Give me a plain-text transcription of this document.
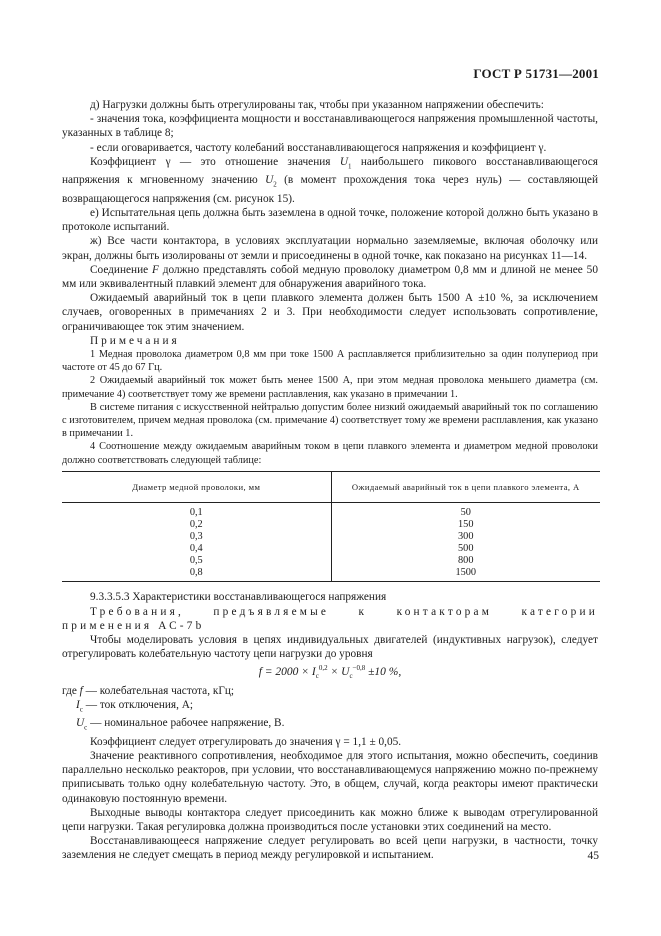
ГОСТ Р 51731—2001

д) Нагрузки должны быть отрегулированы так, чтобы при указанном напряжении обеспечить:

- значения тока, коэффициента мощности и восстанавливающегося напряжения промышленной частоты, указанных в таблице 8;

- если оговаривается, частоту колебаний восстанавливающегося напряжения и коэффициент γ.

Коэффициент γ — это отношение значения $U_1$ наибольшего пикового восстанавливающегося напряжения к мгновенному значению $U_2$ (в момент прохождения тока через нуль) — составляющей возвращающегося напряжения (см. рисунок 15).

е) Испытательная цепь должна быть заземлена в одной точке, положение которой должно быть указано в протоколе испытаний.

ж) Все части контактора, в условиях эксплуатации нормально заземляемые, включая оболочку или экран, должны быть изолированы от земли и присоединены в одной точке, как показано на рисунках 11—14.

Соединение F должно представлять собой медную проволоку диаметром 0,8 мм и длиной не менее 50 мм или эквивалентный плавкий элемент для обнаружения аварийного тока.

Ожидаемый аварийный ток в цепи плавкого элемента должен быть 1500 А ±10 %, за исключением случаев, оговоренных в примечаниях 2 и 3. При необходимости следует использовать сопротивление, ограничивающее ток этим значением.

Примечания

1 Медная проволока диаметром 0,8 мм при токе 1500 А расплавляется приблизительно за один полупериод при частоте от 45 до 67 Гц.

2 Ожидаемый аварийный ток может быть менее 1500 А, при этом медная проволока меньшего диаметра (см. примечание 4) соответствует тому же времени расплавления, как указано в примечании 1.

В системе питания с искусственной нейтралью допустим более низкий ожидаемый аварийный ток по соглашению с изготовителем, причем медная проволока (см. примечание 4) соответствует тому же времени расплавления, как указано в примечании 1.

4 Соотношение между ожидаемым аварийным током в цепи плавкого элемента и диаметром медной проволоки должно соответствовать следующей таблице:

Диаметр медной проволоки, мм	Ожидаемый аварийный ток в цепи плавкого элемента, А
0,1	50
0,2	150
0,3	300
0,4	500
0,5	800
0,8	1500

9.3.3.5.3 Характеристики восстанавливающегося напряжения

Требования, предъявляемые к контакторам категории применения АС-7b

Чтобы моделировать условия в цепях индивидуальных двигателей (индуктивных нагрузок), следует отрегулировать колебательную частоту цепи нагрузки до уровня

$f = 2000 \times I_c^{0,2} \times U_c^{-0,8} \pm 10$ %,

где f — колебательная частота, кГц;

$I_c$ — ток отключения, А;

$U_c$ — номинальное рабочее напряжение, В.

Коэффициент следует отрегулировать до значения γ = 1,1 ± 0,05.

Значение реактивного сопротивления, необходимое для этого испытания, можно обеспечить, соединив параллельно несколько реакторов, при условии, что восстанавливающемуся напряжению можно по-прежнему приписывать только одну колебательную частоту. Это, в общем, случай, когда реакторы имеют практически одинаковую постоянную времени.

Выходные выводы контактора следует присоединить как можно ближе к выводам отрегулированной цепи нагрузки. Такая регулировка должна производиться после установки этих соединений на место.

Восстанавливающееся напряжение следует регулировать во всей цепи нагрузки, в частности, точку заземления не следует смещать в период между регулировкой и испытанием.	45
